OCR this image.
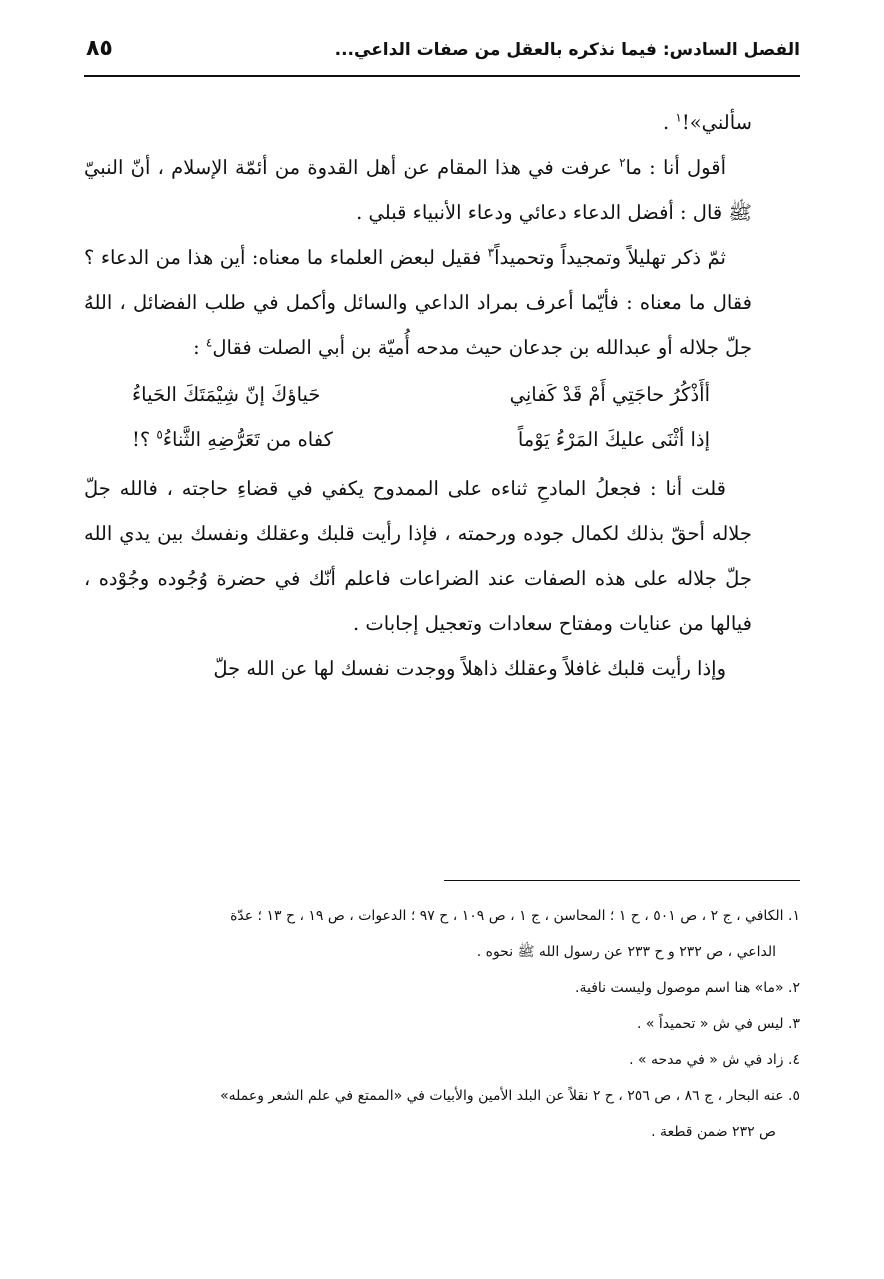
الفصل السادس: فيما نذكره بالعقل من صفات الداعي...
٨٥

سألني»!$^١$ .

أقول أنا : ما$^٢$ عرفت في هذا المقام عن أهل القدوة من أئمّة الإسلام ، أنّ النبيّ ﷺ قال : أفضل الدعاء دعائي ودعاء الأنبياء قبلي .

ثمّ ذكر تهليلاً وتمجيداً وتحميداً$^٣$ فقيل لبعض العلماء ما معناه: أين هذا من الدعاء ؟ فقال ما معناه : فأيّما أعرف بمراد الداعي والسائل وأكمل في طلب الفضائل ، اللهُ جلّ جلاله أو عبدالله بن جدعان حيث مدحه أُميّة بن أبي الصلت فقال$^٤$ :

أأَذْكُرُ حاجَتِي أَمْ قَدْ كَفانِي
حَياؤكَ إنّ شِيْمَتَكَ الحَياءُ
إذا أثْنَى عليكَ المَرْءُ يَوْماً
كفاه من تَعَرُّضِهِ الثَّناءُ$^٥$ ؟!

قلت أنا : فجعلُ المادحِ ثناءه على الممدوح يكفي في قضاءِ حاجته ، فالله جلّ جلاله أحقّ بذلك لكمال جوده ورحمته ، فإذا رأيت قلبك وعقلك ونفسك بين يدي الله جلّ جلاله على هذه الصفات عند الضراعات فاعلم أنّك في حضرة وُجُوده وجُوْده ، فيالها من عنايات ومفتاح سعادات وتعجيل إجابات .

وإذا رأيت قلبك غافلاً وعقلك ذاهلاً ووجدت نفسك لها عن الله جلّ

١. الكافي ، ج ٢ ، ص ٥٠١ ، ح ١ ؛ المحاسن ، ج ١ ، ص ١٠٩ ، ح ٩٧ ؛ الدعوات ، ص ١٩ ، ح ١٣ ؛ عدّة
الداعي ، ص ٢٣٢ و ح ٢٣٣ عن رسول الله ﷺ نحوه .

٢. «ما» هنا اسم موصول وليست نافية.

٣. ليس في ش « تحميداً » .

٤. زاد في ش « في مدحه » .

٥. عنه البحار ، ج ٨٦ ، ص ٢٥٦ ، ح ٢ نقلاً عن البلد الأمين والأبيات في «الممتع في علم الشعر وعمله»
ص ٢٣٢ ضمن قطعة .
